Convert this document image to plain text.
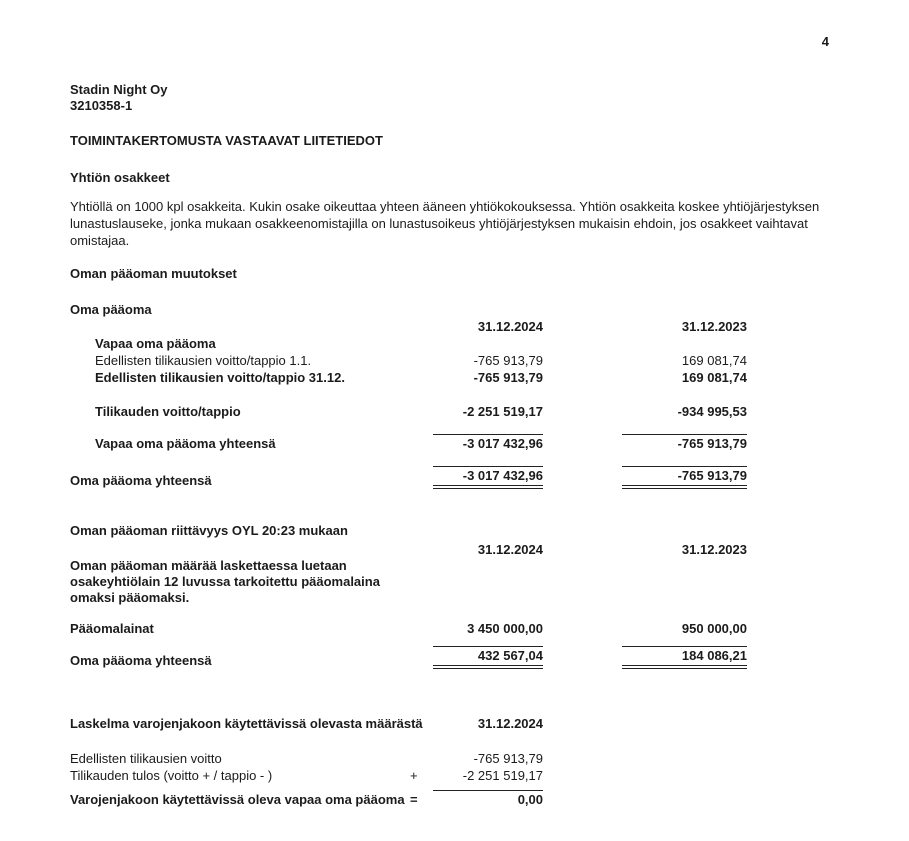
4
Stadin Night Oy
3210358-1
TOIMINTAKERTOMUSTA VASTAAVAT LIITETIEDOT
Yhtiön osakkeet

Yhtiöllä on 1000 kpl osakkeita. Kukin osake oikeuttaa yhteen ääneen yhtiökokouksessa. Yhtiön osakkeita koskee yhtiöjärjestyksen lunastuslauseke, jonka mukaan osakkeenomistajilla on lunastusoikeus yhtiöjärjestyksen mukaisin ehdoin, jos osakkeet vaihtavat omistajaa.

Oman pääoman muutokset
Oma pääoma
31.12.2024	31.12.2023
Vapaa oma pääoma
Edellisten tilikausien voitto/tappio 1.1.	-765 913,79	169 081,74
Edellisten tilikausien voitto/tappio 31.12.	-765 913,79	169 081,74
Tilikauden voitto/tappio	-2 251 519,17	-934 995,53
Vapaa oma pääoma yhteensä	-3 017 432,96	-765 913,79
Oma pääoma yhteensä	-3 017 432,96	-765 913,79
Oman pääoman riittävyys OYL 20:23 mukaan
31.12.2024	31.12.2023
Oman pääoman määrää laskettaessa luetaan
osakeyhtiölain 12 luvussa tarkoitettu pääomalaina
omaksi pääomaksi.
Pääomalainat	3 450 000,00	950 000,00
Oma pääoma yhteensä	432 567,04	184 086,21
Laskelma varojenjakoon käytettävissä olevasta määrästä	31.12.2024
Edellisten tilikausien voitto	-765 913,79
Tilikauden tulos (voitto + / tappio - )	+	-2 251 519,17
Varojenjakoon käytettävissä oleva vapaa oma pääoma =	0,00
